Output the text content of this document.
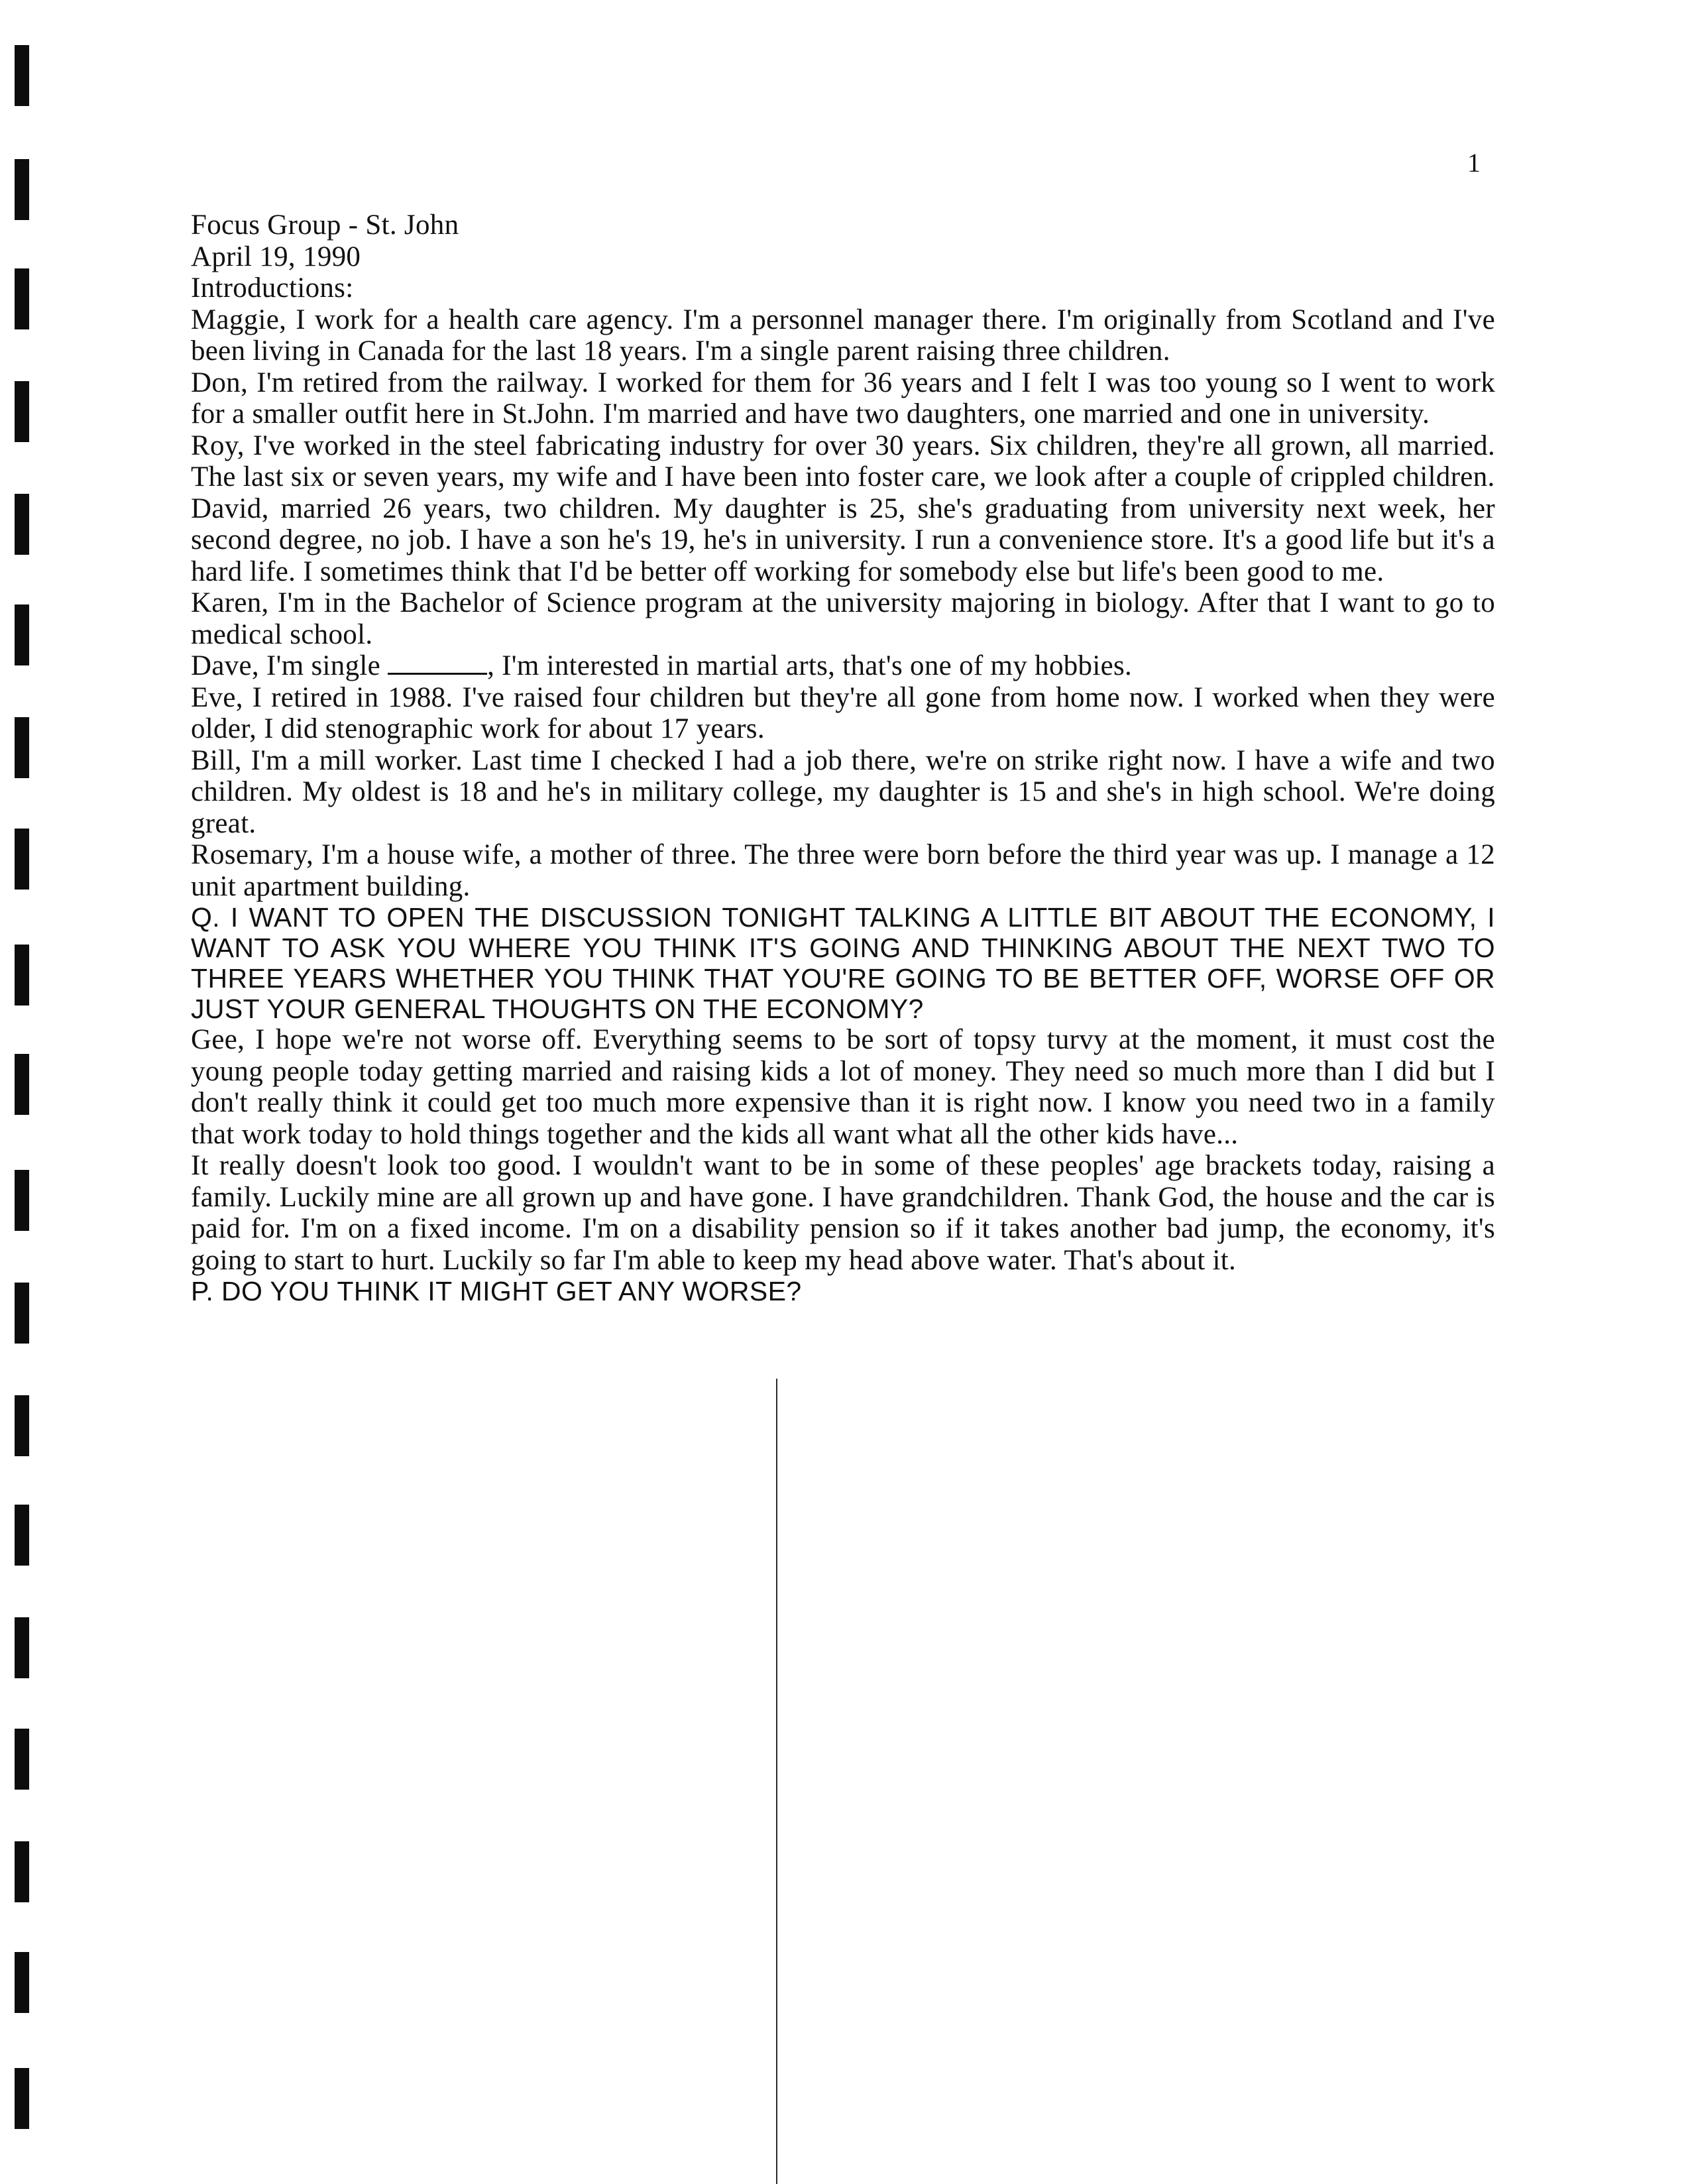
1

Focus Group - St. John

April 19, 1990

Introductions:

Maggie, I work for a health care agency. I'm a personnel manager there. I'm originally from Scotland and I've been living in Canada for the last 18 years. I'm a single parent raising three children.

Don, I'm retired from the railway. I worked for them for 36 years and I felt I was too young so I went to work for a smaller outfit here in St.John. I'm married and have two daughters, one married and one in university.

Roy, I've worked in the steel fabricating industry for over 30 years. Six children, they're all grown, all married. The last six or seven years, my wife and I have been into foster care, we look after a couple of crippled children.

David, married 26 years, two children. My daughter is 25, she's graduating from university next week, her second degree, no job. I have a son he's 19, he's in university. I run a convenience store. It's a good life but it's a hard life. I sometimes think that I'd be better off working for somebody else but life's been good to me.

Karen, I'm in the Bachelor of Science program at the university majoring in biology. After that I want to go to medical school.

Dave, I'm single	, I'm interested in martial arts, that's one of my hobbies.

Eve, I retired in 1988. I've raised four children but they're all gone from home now. I worked when they were older, I did stenographic work for about 17 years.

Bill, I'm a mill worker. Last time I checked I had a job there, we're on strike right now. I have a wife and two children. My oldest is 18 and he's in military college, my daughter is 15 and she's in high school. We're doing great.

Rosemary, I'm a house wife, a mother of three. The three were born before the third year was up. I manage a 12 unit apartment building.

Q. I WANT TO OPEN THE DISCUSSION TONIGHT TALKING A LITTLE BIT ABOUT THE ECONOMY, I WANT TO ASK YOU WHERE YOU THINK IT'S GOING AND THINKING ABOUT THE NEXT TWO TO THREE YEARS WHETHER YOU THINK THAT YOU'RE GOING TO BE BETTER OFF, WORSE OFF OR JUST YOUR GENERAL THOUGHTS ON THE ECONOMY?

Gee, I hope we're not worse off. Everything seems to be sort of topsy turvy at the moment, it must cost the young people today getting married and raising kids a lot of money. They need so much more than I did but I don't really think it could get too much more expensive than it is right now. I know you need two in a family that work today to hold things together and the kids all want what all the other kids have...

It really doesn't look too good. I wouldn't want to be in some of these peoples' age brackets today, raising a family. Luckily mine are all grown up and have gone. I have grandchildren. Thank God, the house and the car is paid for. I'm on a fixed income. I'm on a disability pension so if it takes another bad jump, the economy, it's going to start to hurt. Luckily so far I'm able to keep my head above water. That's about it.

P. DO YOU THINK IT MIGHT GET ANY WORSE?
